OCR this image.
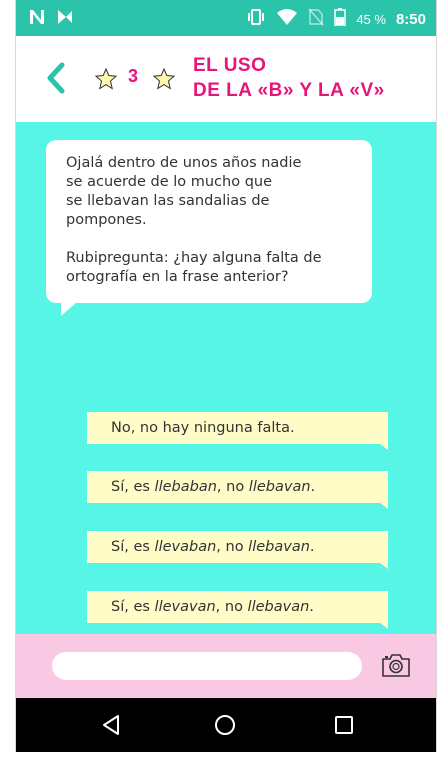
45 % 8:50
3	EL USO
DE LA «B» Y LA «V»

Ojalá dentro de unos años nadie
se acuerde de lo mucho que
se llebavan las sandalias de
pompones.

Rubipregunta: ¿hay alguna falta de
ortografía en la frase anterior?

No, no hay ninguna falta.
Sí, es llebaban, no llebavan.
Sí, es llevaban, no llebavan.
Sí, es llevavan, no llebavan.
